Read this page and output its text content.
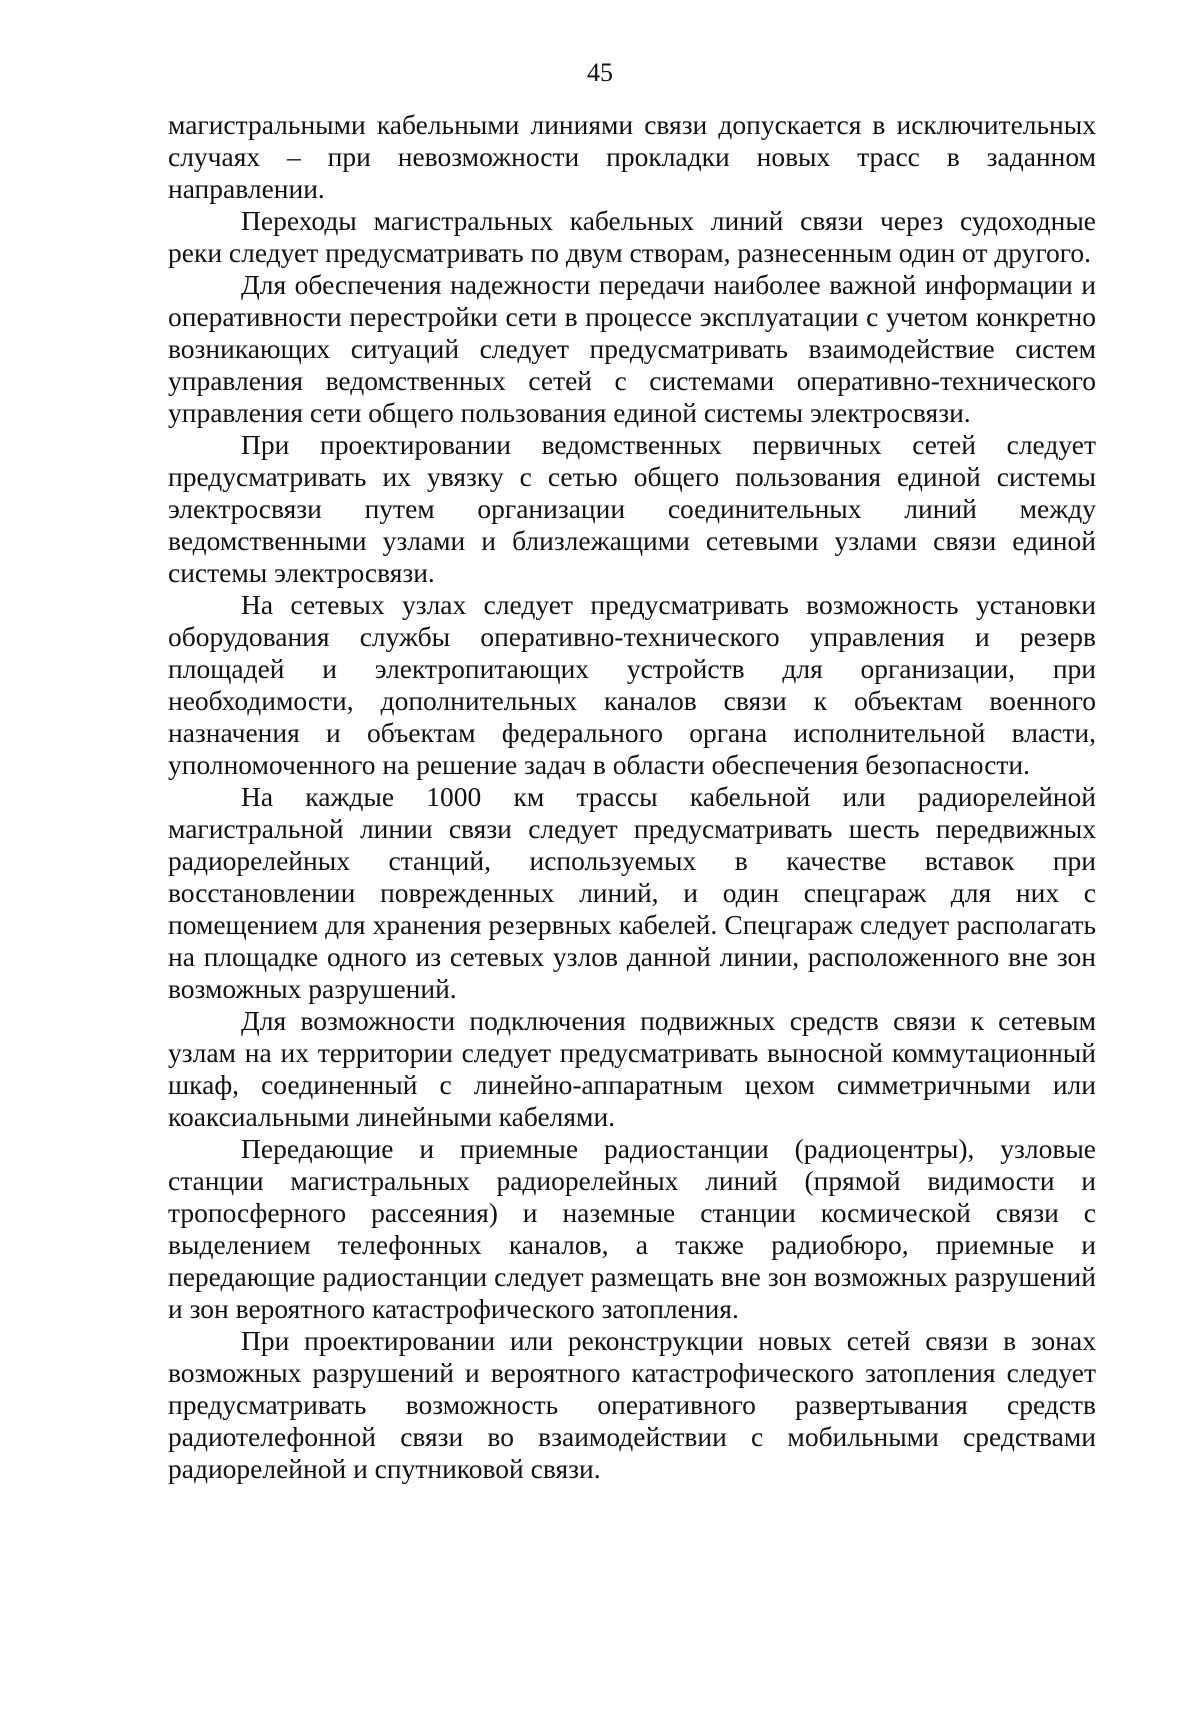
45

магистральными кабельными линиями связи допускается в исключительных случаях – при невозможности прокладки новых трасс в заданном направлении.

Переходы магистральных кабельных линий связи через судоходные реки следует предусматривать по двум створам, разнесенным один от другого.

Для обеспечения надежности передачи наиболее важной информации и оперативности перестройки сети в процессе эксплуатации с учетом конкретно возникающих ситуаций следует предусматривать взаимодействие систем управления ведомственных сетей с системами оперативно-технического управления сети общего пользования единой системы электросвязи.

При проектировании ведомственных первичных сетей следует предусматривать их увязку с сетью общего пользования единой системы электросвязи путем организации соединительных линий между ведомственными узлами и близлежащими сетевыми узлами связи единой системы электросвязи.

На сетевых узлах следует предусматривать возможность установки оборудования службы оперативно-технического управления и резерв площадей и электропитающих устройств для организации, при необходимости, дополнительных каналов связи к объектам военного назначения и объектам федерального органа исполнительной власти, уполномоченного на решение задач в области обеспечения безопасности.

На каждые 1000 км трассы кабельной или радиорелейной магистральной линии связи следует предусматривать шесть передвижных радиорелейных станций, используемых в качестве вставок при восстановлении поврежденных линий, и один спецгараж для них с помещением для хранения резервных кабелей. Спецгараж следует располагать на площадке одного из сетевых узлов данной линии, расположенного вне зон возможных разрушений.

Для возможности подключения подвижных средств связи к сетевым узлам на их территории следует предусматривать выносной коммутационный шкаф, соединенный с линейно-аппаратным цехом симметричными или коаксиальными линейными кабелями.

Передающие и приемные радиостанции (радиоцентры), узловые станции магистральных радиорелейных линий (прямой видимости и тропосферного рассеяния) и наземные станции космической связи с выделением телефонных каналов, а также радиобюро, приемные и передающие радиостанции следует размещать вне зон возможных разрушений и зон вероятного катастрофического затопления.

При проектировании или реконструкции новых сетей связи в зонах возможных разрушений и вероятного катастрофического затопления следует предусматривать возможность оперативного развертывания средств радиотелефонной связи во взаимодействии с мобильными средствами радиорелейной и спутниковой связи.
